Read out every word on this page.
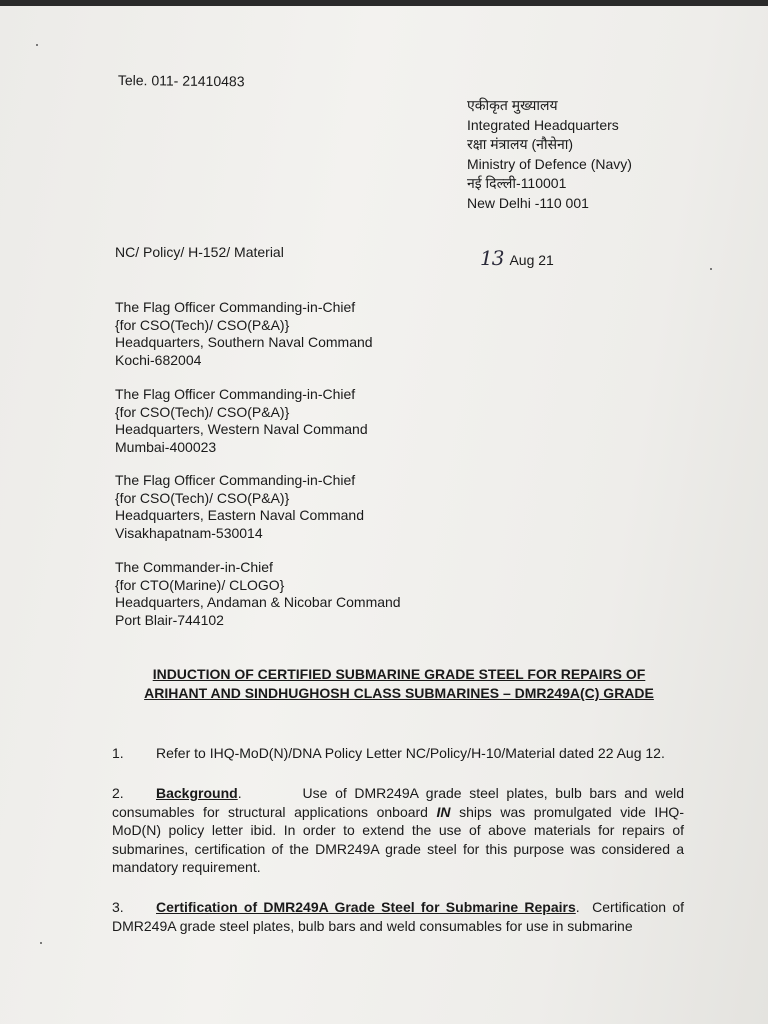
Tele. 011- 21410483
एकीकृत मुख्यालय
Integrated Headquarters
रक्षा मंत्रालय (नौसेना)
Ministry of Defence (Navy)
नई दिल्ली-110001
New Delhi -110 001
NC/ Policy/ H-152/ Material	13 Aug 21
The Flag Officer Commanding-in-Chief
{for CSO(Tech)/ CSO(P&A)}
Headquarters, Southern Naval Command
Kochi-682004
The Flag Officer Commanding-in-Chief
{for CSO(Tech)/ CSO(P&A)}
Headquarters, Western Naval Command
Mumbai-400023
The Flag Officer Commanding-in-Chief
{for CSO(Tech)/ CSO(P&A)}
Headquarters, Eastern Naval Command
Visakhapatnam-530014
The Commander-in-Chief
{for CTO(Marine)/ CLOGO}
Headquarters, Andaman & Nicobar Command
Port Blair-744102
INDUCTION OF CERTIFIED SUBMARINE GRADE STEEL FOR REPAIRS OF
ARIHANT AND SINDHUGHOSH CLASS SUBMARINES – DMR249A(C) GRADE
1. Refer to IHQ-MoD(N)/DNA Policy Letter NC/Policy/H-10/Material dated 22 Aug 12.
2. Background.        Use of DMR249A grade steel plates, bulb bars and weld consumables for structural applications onboard IN ships was promulgated vide IHQ-MoD(N) policy letter ibid. In order to extend the use of above materials for repairs of submarines, certification of the DMR249A grade steel for this purpose was considered a mandatory requirement.
3. Certification of DMR249A Grade Steel for Submarine Repairs.  Certification of DMR249A grade steel plates, bulb bars and weld consumables for use in submarine
